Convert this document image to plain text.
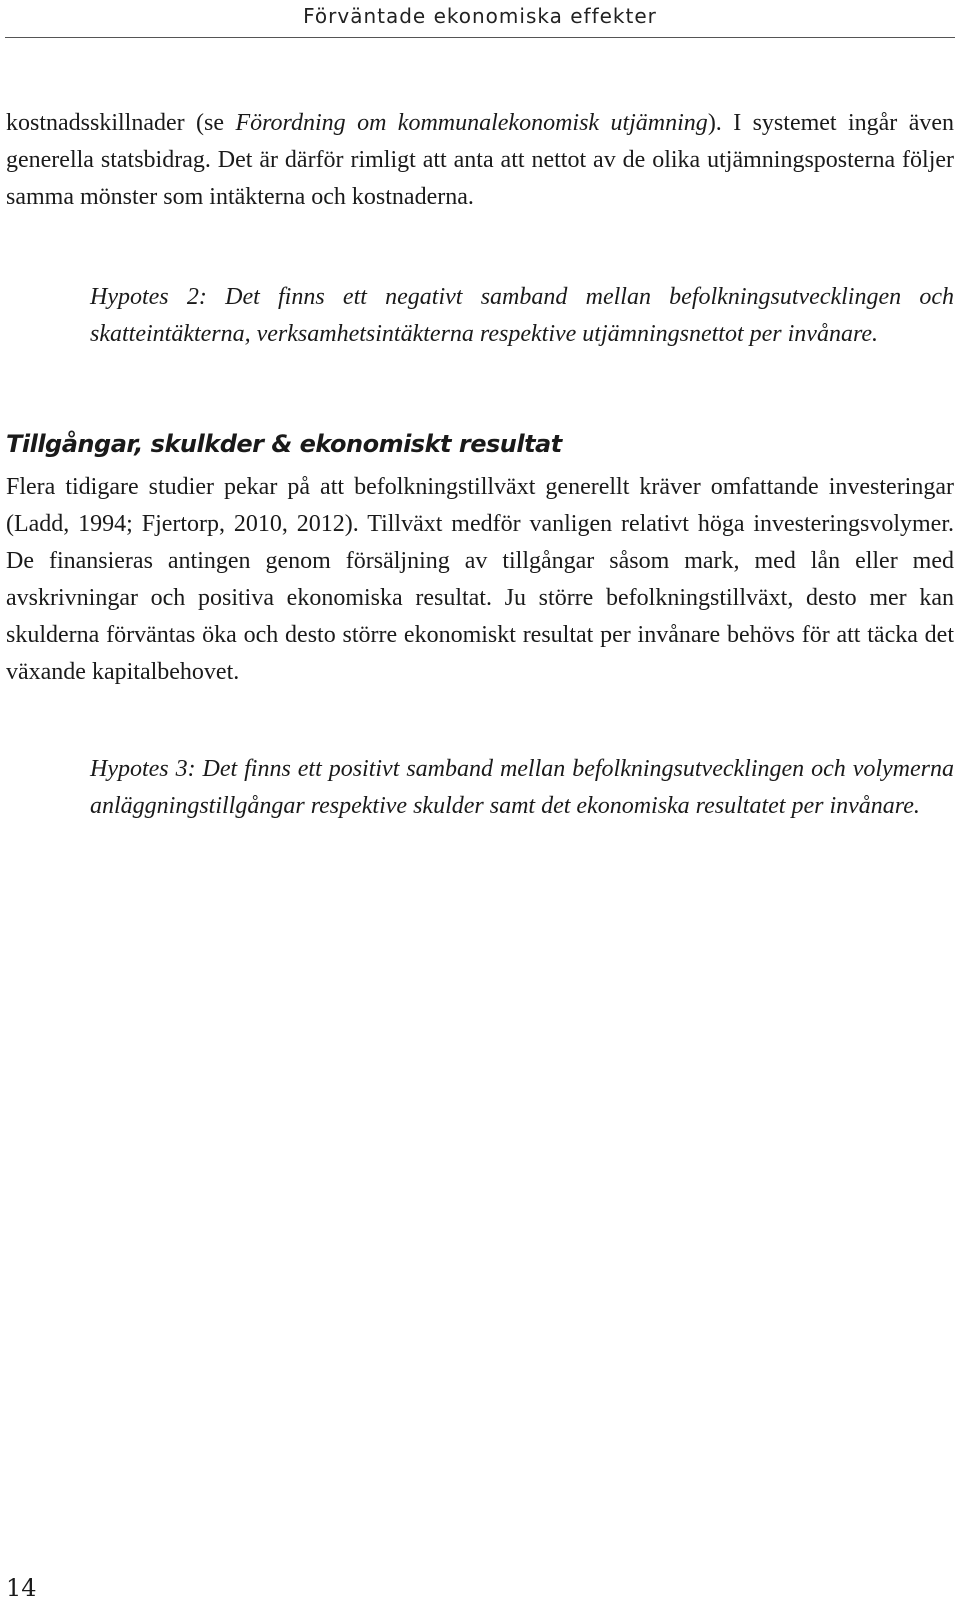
Förväntade ekonomiska effekter

kostnadsskillnader (se Förordning om kommunalekonomisk utjämning). I systemet ingår även generella statsbidrag. Det är därför rimligt att anta att nettot av de olika utjämningsposterna följer samma mönster som intäkterna och kostnaderna.

Hypotes 2: Det finns ett negativt samband mellan befolkningsutvecklingen och skatteintäkterna, verksamhetsintäkterna respektive utjämningsnettot per invånare.

Tillgångar, skulkder & ekonomiskt resultat

Flera tidigare studier pekar på att befolkningstillväxt generellt kräver omfattande investeringar (Ladd, 1994; Fjertorp, 2010, 2012). Tillväxt medför vanligen relativt höga investeringsvolymer. De finansieras antingen genom försäljning av tillgångar såsom mark, med lån eller med avskrivningar och positiva ekonomiska resultat. Ju större befolkningstillväxt, desto mer kan skulderna förväntas öka och desto större ekonomiskt resultat per invånare behövs för att täcka det växande kapitalbehovet.

Hypotes 3: Det finns ett positivt samband mellan befolkningsutvecklingen och volymerna anläggningstillgångar respektive skulder samt det ekonomiska resultatet per invånare.

14
